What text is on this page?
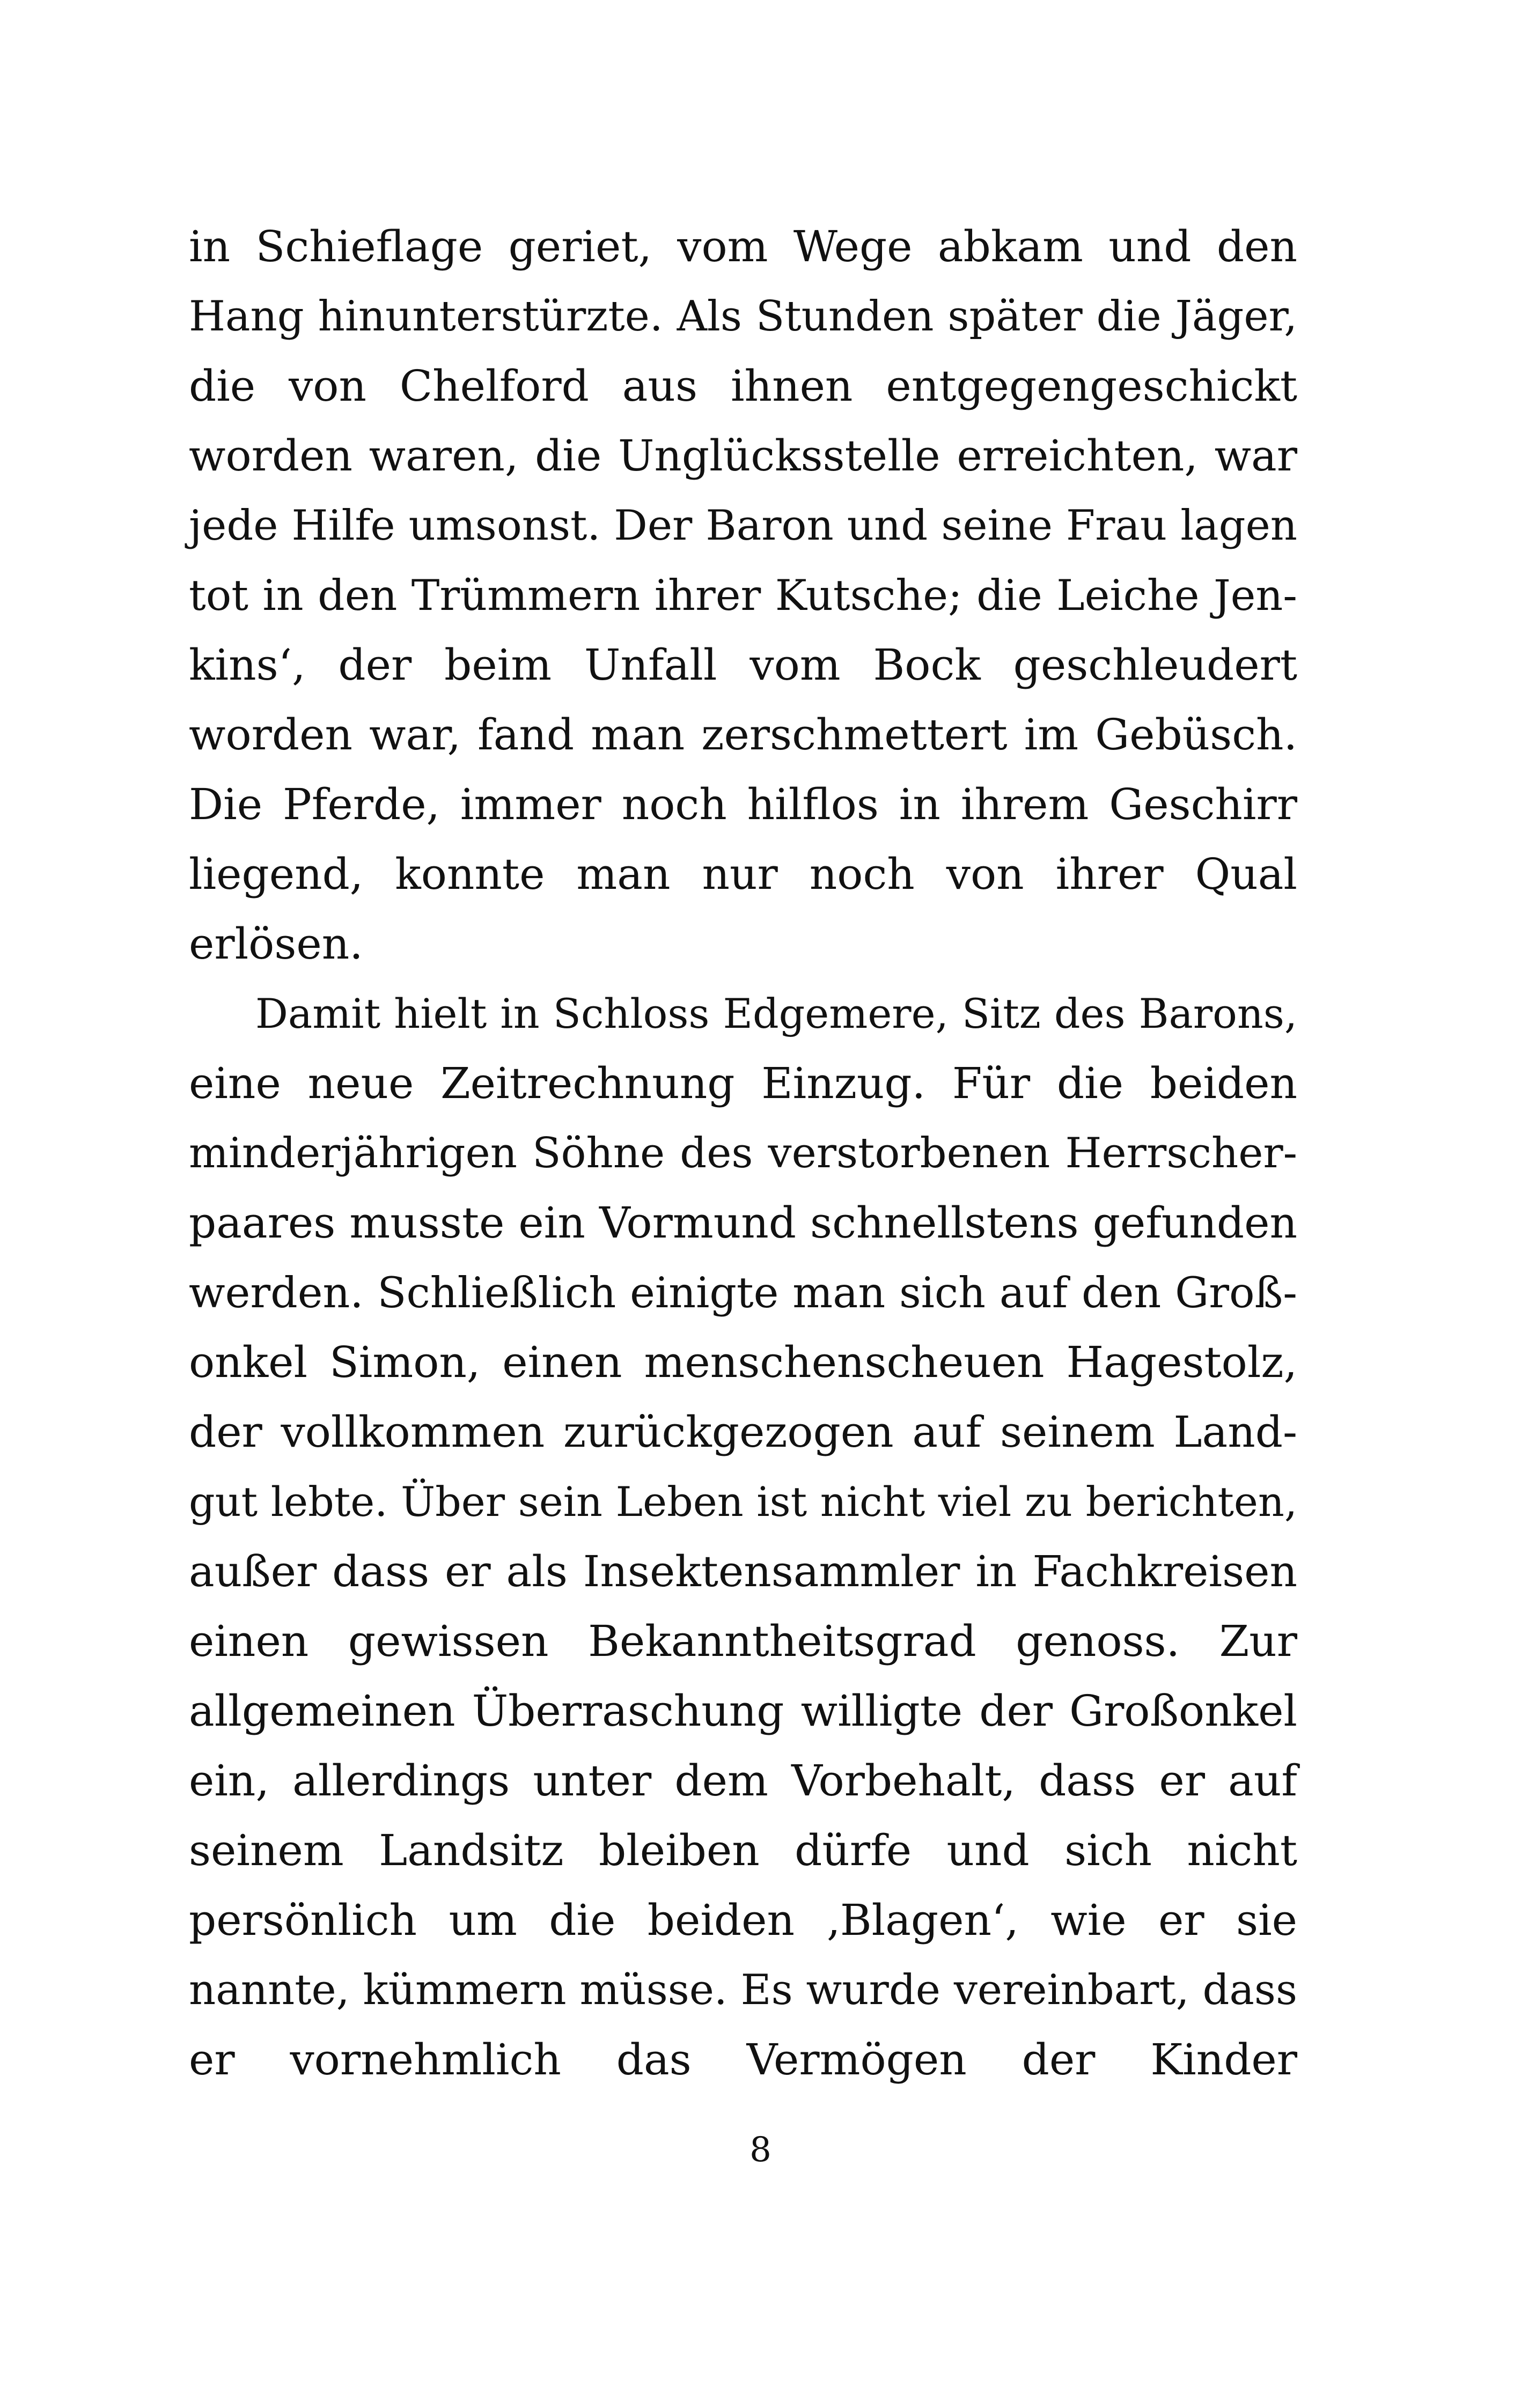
in Schieflage geriet, vom Wege abkam und den
Hang hinunterstürzte. Als Stunden später die Jäger,
die von Chelford aus ihnen entgegengeschickt
worden waren, die Unglücksstelle erreichten, war
jede Hilfe umsonst. Der Baron und seine Frau lagen
tot in den Trümmern ihrer Kutsche; die Leiche Jen-
kins‘, der beim Unfall vom Bock geschleudert
worden war, fand man zerschmettert im Gebüsch.
Die Pferde, immer noch hilflos in ihrem Geschirr
liegend, konnte man nur noch von ihrer Qual
erlösen.
Damit hielt in Schloss Edgemere, Sitz des Barons,
eine neue Zeitrechnung Einzug. Für die beiden
minderjährigen Söhne des verstorbenen Herrscher-
paares musste ein Vormund schnellstens gefunden
werden. Schließlich einigte man sich auf den Groß-
onkel Simon, einen menschenscheuen Hagestolz,
der vollkommen zurückgezogen auf seinem Land-
gut lebte. Über sein Leben ist nicht viel zu berichten,
außer dass er als Insektensammler in Fachkreisen
einen gewissen Bekanntheitsgrad genoss. Zur
allgemeinen Überraschung willigte der Großonkel
ein, allerdings unter dem Vorbehalt, dass er auf
seinem Landsitz bleiben dürfe und sich nicht
persönlich um die beiden ‚Blagen‘, wie er sie
nannte, kümmern müsse. Es wurde vereinbart, dass
er vornehmlich das Vermögen der Kinder
8
